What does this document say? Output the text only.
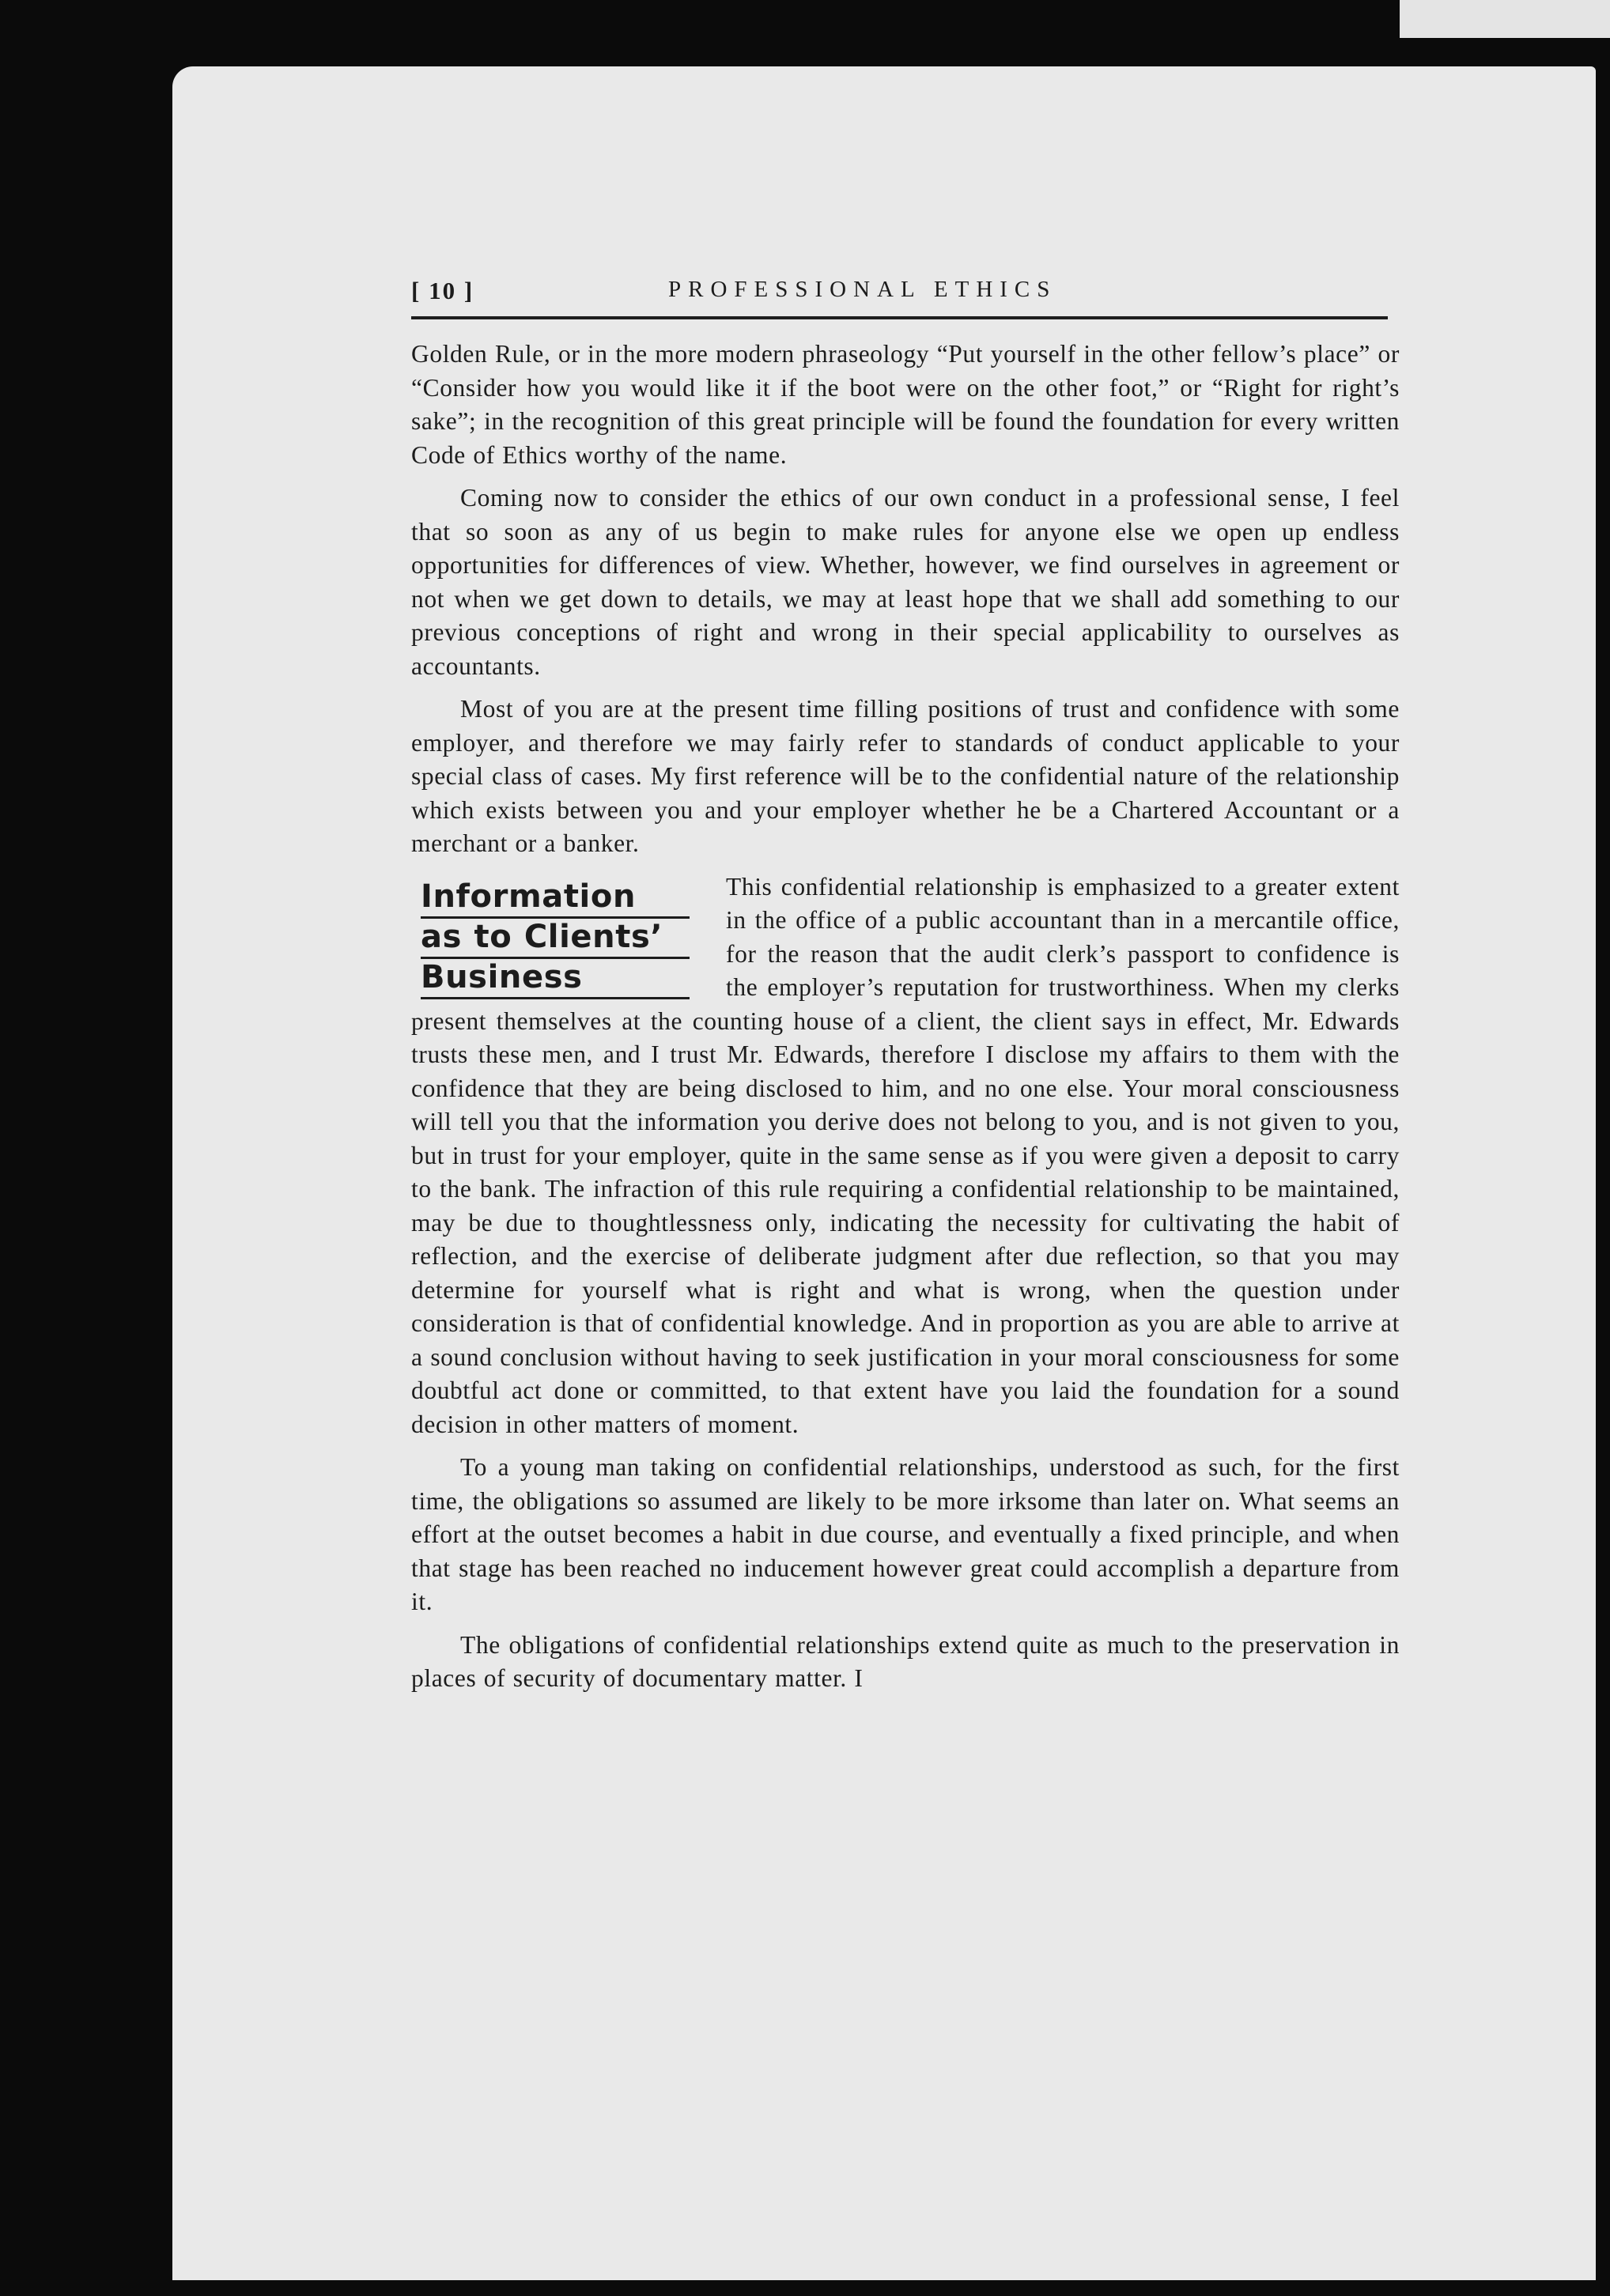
[ 10 ]	PROFESSIONAL ETHICS

Golden Rule, or in the more modern phraseology “Put yourself in the other fellow’s place” or “Consider how you would like it if the boot were on the other foot,” or “Right for right’s sake”; in the recognition of this great principle will be found the foundation for every written Code of Ethics worthy of the name.

Coming now to consider the ethics of our own conduct in a professional sense, I feel that so soon as any of us begin to make rules for anyone else we open up endless opportunities for differences of view. Whether, however, we find ourselves in agreement or not when we get down to details, we may at least hope that we shall add something to our previous conceptions of right and wrong in their special applicability to ourselves as accountants.

Most of you are at the present time filling positions of trust and confidence with some employer, and therefore we may fairly refer to standards of conduct applicable to your special class of cases. My first reference will be to the confidential nature of the relationship which exists between you and your employer whether he be a Chartered Accountant or a merchant or a banker.

Information
as to Clients’
Business

This confidential relationship is emphasized to a greater extent in the office of a public accountant than in a mercantile office, for the reason that the audit clerk’s passport to confidence is the employer’s reputation for trustworthiness. When my clerks present themselves at the counting house of a client, the client says in effect, Mr. Edwards trusts these men, and I trust Mr. Edwards, therefore I disclose my affairs to them with the confidence that they are being disclosed to him, and no one else. Your moral consciousness will tell you that the information you derive does not belong to you, and is not given to you, but in trust for your employer, quite in the same sense as if you were given a deposit to carry to the bank. The infraction of this rule requiring a confidential relationship to be maintained, may be due to thoughtlessness only, indicating the necessity for cultivating the habit of reflection, and the exercise of deliberate judgment after due reflection, so that you may determine for yourself what is right and what is wrong, when the question under consideration is that of confidential knowledge. And in proportion as you are able to arrive at a sound conclusion without having to seek justification in your moral consciousness for some doubtful act done or committed, to that extent have you laid the foundation for a sound decision in other matters of moment.

To a young man taking on confidential relationships, understood as such, for the first time, the obligations so assumed are likely to be more irksome than later on. What seems an effort at the outset becomes a habit in due course, and eventually a fixed principle, and when that stage has been reached no inducement however great could accomplish a departure from it.

The obligations of confidential relationships extend quite as much to the preservation in places of security of documentary matter. I
